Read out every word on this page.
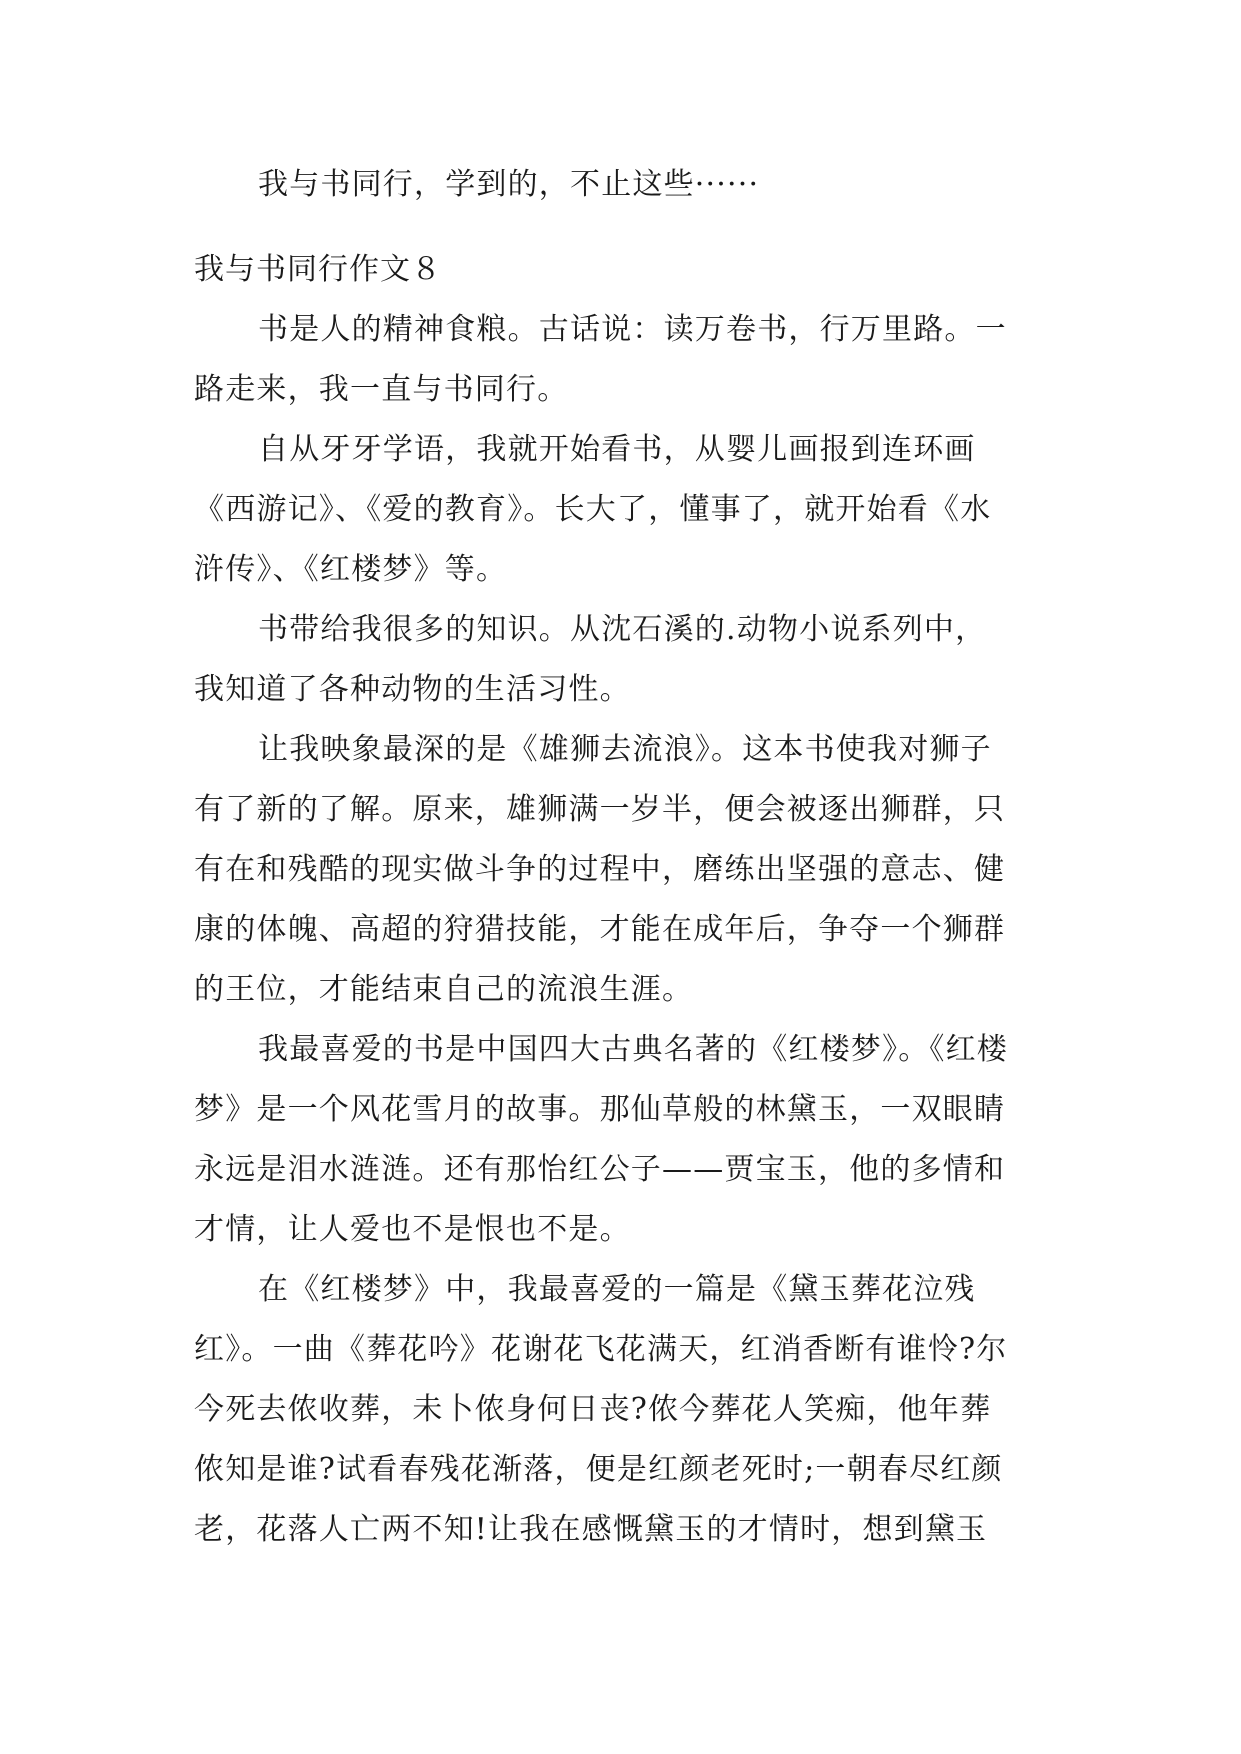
我与书同行，学到的，不止这些······
我与书同行作文８
书是人的精神食粮。古话说：读万卷书，行万里路。一
路走来，我一直与书同行。
自从牙牙学语，我就开始看书，从婴儿画报到连环画
《西游记》、《爱的教育》。长大了，懂事了，就开始看《水
浒传》、《红楼梦》等。
书带给我很多的知识。从沈石溪的.动物小说系列中，
我知道了各种动物的生活习性。
让我映象最深的是《雄狮去流浪》。这本书使我对狮子
有了新的了解。原来，雄狮满一岁半，便会被逐出狮群，只
有在和残酷的现实做斗争的过程中，磨练出坚强的意志、健
康的体魄、高超的狩猎技能，才能在成年后，争夺一个狮群
的王位，才能结束自己的流浪生涯。
我最喜爱的书是中国四大古典名著的《红楼梦》。《红楼
梦》是一个风花雪月的故事。那仙草般的林黛玉，一双眼睛
永远是泪水涟涟。还有那怡红公子——贾宝玉，他的多情和
才情，让人爱也不是恨也不是。
在《红楼梦》中，我最喜爱的一篇是《黛玉葬花泣残
红》。一曲《葬花吟》花谢花飞花满天，红消香断有谁怜?尔
今死去侬收葬，未卜侬身何日丧?侬今葬花人笑痴，他年葬
侬知是谁?试看春残花渐落，便是红颜老死时;一朝春尽红颜
老，花落人亡两不知!让我在感慨黛玉的才情时，想到黛玉
